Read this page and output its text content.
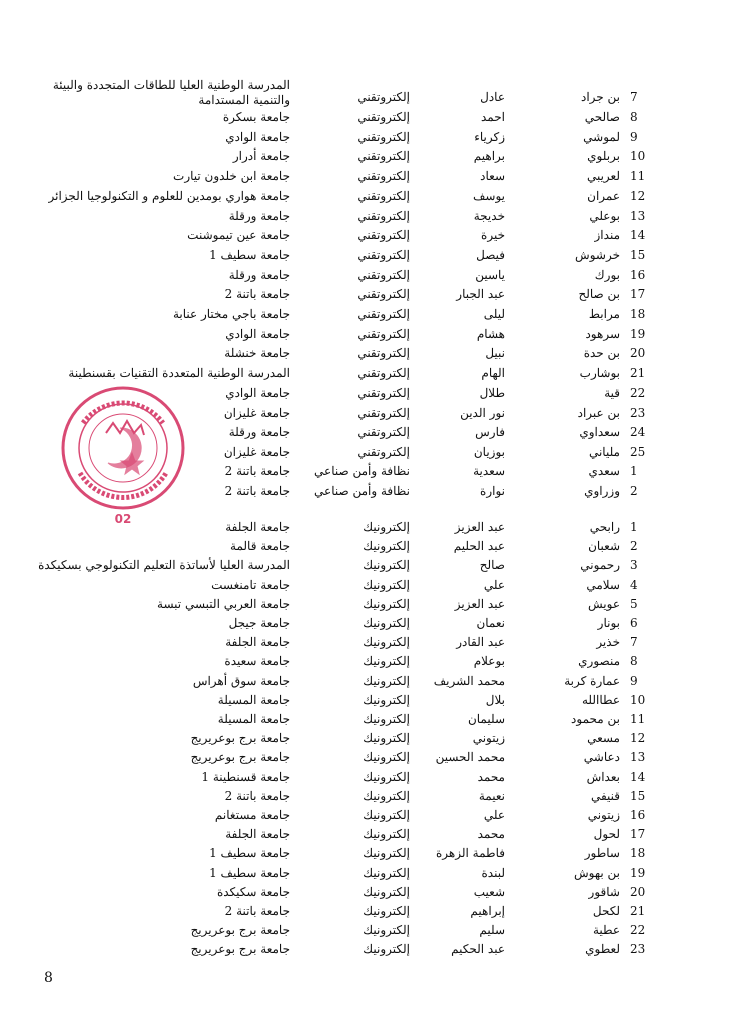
7
بن جراد
عادل
إلكتروتقني
المدرسة الوطنية العليا للطاقات المتجددة والبيئة والتنمية المستدامة
8
صالحي
احمد
إلكتروتقني
جامعة بسكرة
9
لموشي
زكرياء
إلكتروتقني
جامعة الوادي
10
بربلوي
براهيم
إلكتروتقني
جامعة أدرار
11
لعريبي
سعاد
إلكتروتقني
جامعة ابن خلدون تيارت
12
عمران
يوسف
إلكتروتقني
جامعة هواري بومدين للعلوم و التكنولوجيا الجزائر
13
بوعلي
خديجة
إلكتروتقني
جامعة ورقلة
14
منداز
خيرة
إلكتروتقني
جامعة عين تيموشنت
15
خرشوش
فيصل
إلكتروتقني
جامعة سطيف 1
16
بورك
ياسين
إلكتروتقني
جامعة ورقلة
17
بن صالح
عبد الجبار
إلكتروتقني
جامعة باتنة 2
18
مرابط
ليلى
إلكتروتقني
جامعة باجي مختار عنابة
19
سرهود
هشام
إلكتروتقني
جامعة الوادي
20
بن حدة
نبيل
إلكتروتقني
جامعة خنشلة
21
بوشارب
الهام
إلكتروتقني
المدرسة الوطنية المتعددة التقنيات بقسنطينة
22
قية
طلال
إلكتروتقني
جامعة الوادي
23
بن عبراد
نور الدين
إلكتروتقني
جامعة غليزان
24
سعداوي
فارس
إلكتروتقني
جامعة ورقلة
25
ملياني
بوزيان
إلكتروتقني
جامعة غليزان
1
سعدي
سعدية
نظافة وأمن صناعي
جامعة باتنة 2
2
وزراوي
نوارة
نظافة وأمن صناعي
جامعة باتنة 2
1
رابحي
عبد العزيز
إلكترونيك
جامعة الجلفة
2
شعبان
عبد الحليم
إلكترونيك
جامعة قالمة
3
رحموني
صالح
إلكترونيك
المدرسة العليا لأساتذة التعليم التكنولوجي بسكيكدة
4
سلامي
علي
إلكترونيك
جامعة تامنغست
5
عويش
عبد العزيز
إلكترونيك
جامعة العربي التبسي تبسة
6
بونار
نعمان
إلكترونيك
جامعة جيجل
7
خذير
عبد القادر
إلكترونيك
جامعة الجلفة
8
منصوري
بوعلام
إلكترونيك
جامعة سعيدة
9
عمارة كربة
محمد الشريف
إلكترونيك
جامعة سوق أهراس
10
عطاالله
بلال
إلكترونيك
جامعة المسيلة
11
بن محمود
سليمان
إلكترونيك
جامعة المسيلة
12
مسعي
زيتوني
إلكترونيك
جامعة برج بوعريريج
13
دعاشي
محمد الحسين
إلكترونيك
جامعة برج بوعريريج
14
بعداش
محمد
إلكترونيك
جامعة قسنطينة 1
15
قنيفي
نعيمة
إلكترونيك
جامعة باتنة 2
16
زيتوني
علي
إلكترونيك
جامعة مستغانم
17
لحول
محمد
إلكترونيك
جامعة الجلفة
18
ساطور
فاطمة الزهرة
إلكترونيك
جامعة سطيف 1
19
بن بهوش
لبندة
إلكترونيك
جامعة سطيف 1
20
شاقور
شعيب
إلكترونيك
جامعة سكيكدة
21
لكحل
إبراهيم
إلكترونيك
جامعة باتنة 2
22
عطية
سليم
إلكترونيك
جامعة برج بوعريريج
23
لعطوي
عبد الحكيم
إلكترونيك
جامعة برج بوعريريج
02
8
